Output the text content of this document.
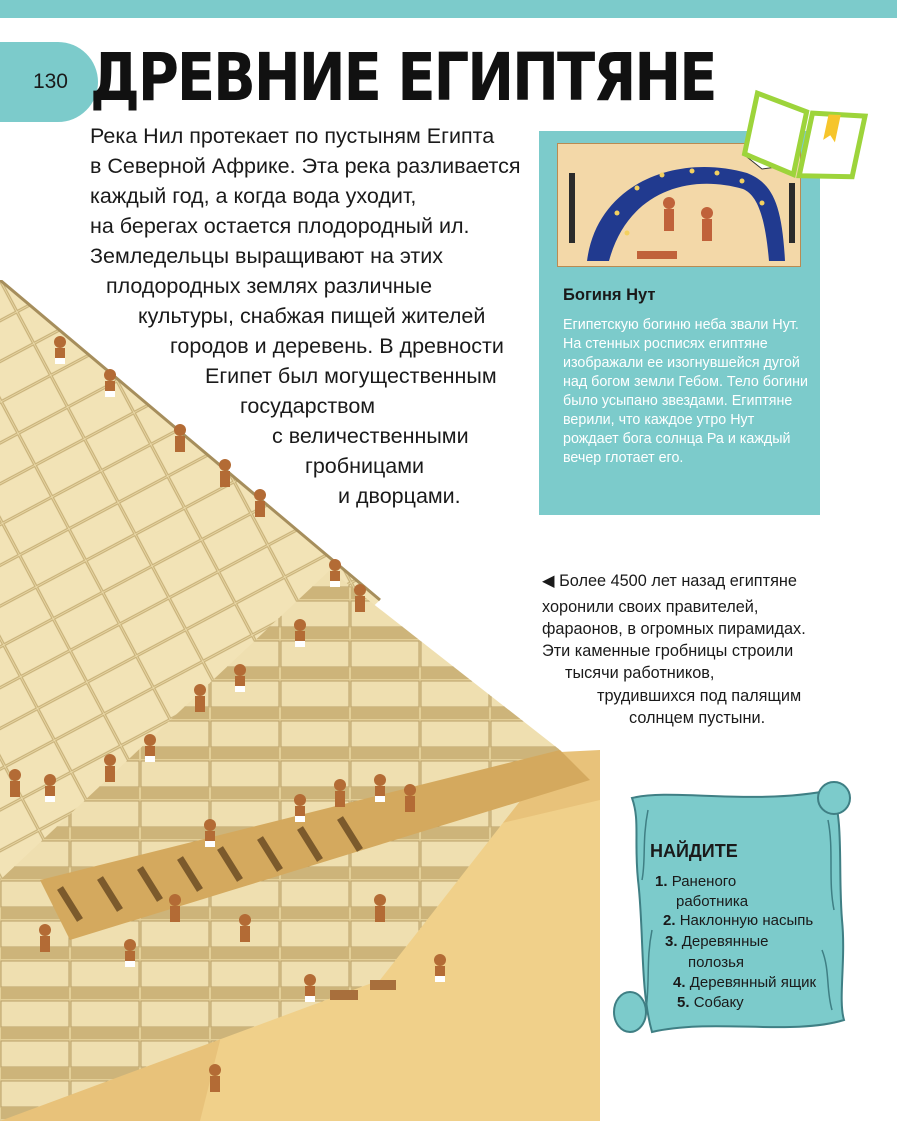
130 ДРЕВНИЕ ЕГИПТЯНЕ
Река Нил протекает по пустыням Египта
в Северной Африке. Эта река разливается
каждый год, а когда вода уходит,
на берегах остается плодородный ил.
Земледельцы выращивают на этих
плодородных землях различные
культуры, снабжая пищей жителей
городов и деревень. В древности
Египет был могущественным
государством
с величественными
гробницами
и дворцами.
Богиня Нут
Египетскую богиню неба звали Нут. На стенных росписях египтяне изображали ее изогнувшейся дугой над богом земли Гебом. Тело богини было усыпано звездами. Египтяне верили, что каждое утро Нут рождает бога солнца Ра и каждый вечер глотает его.
◀ Более 4500 лет назад египтяне
хоронили своих правителей,
фараонов, в огромных пирамидах.
Эти каменные гробницы строили
тысячи работников,
трудившихся под палящим
солнцем пустыни.
НАЙДИТЕ
1. Раненого
работника
2. Наклонную насыпь
3. Деревянные
полозья
4. Деревянный ящик
5. Собаку
